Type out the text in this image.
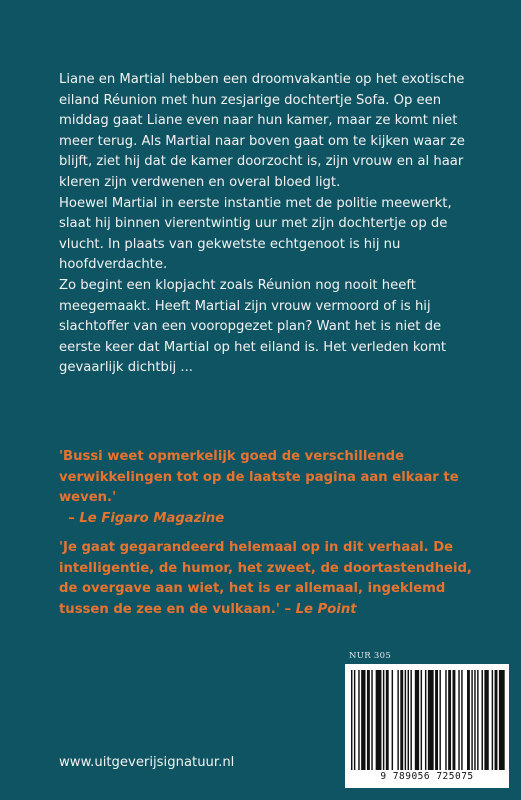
Liane en Martial hebben een droomvakantie op het exotische eiland Réunion met hun zesjarige dochtertje Sofa. Op een middag gaat Liane even naar hun kamer, maar ze komt niet meer terug. Als Martial naar boven gaat om te kijken waar ze blijft, ziet hij dat de kamer doorzocht is, zijn vrouw en al haar kleren zijn verdwenen en overal bloed ligt.

Hoewel Martial in eerste instantie met de politie meewerkt, slaat hij binnen vierentwintig uur met zijn dochtertje op de vlucht. In plaats van gekwetste echtgenoot is hij nu hoofdverdachte.

Zo begint een klopjacht zoals Réunion nog nooit heeft meegemaakt. Heeft Martial zijn vrouw vermoord of is hij slachtoffer van een vooropgezet plan? Want het is niet de eerste keer dat Martial op het eiland is. Het verleden komt gevaarlijk dichtbij ...

'Bussi weet opmerkelijk goed de verschillende verwikkelingen tot op de laatste pagina aan elkaar te weven.'
– Le Figaro Magazine

'Je gaat gegarandeerd helemaal op in dit verhaal. De intelligentie, de humor, het zweet, de doortastendheid, de overgave aan wiet, het is er allemaal, ingeklemd tussen de zee en de vulkaan.' – Le Point

NUR 305
9 789056 725075
www.uitgeverijsignatuur.nl
